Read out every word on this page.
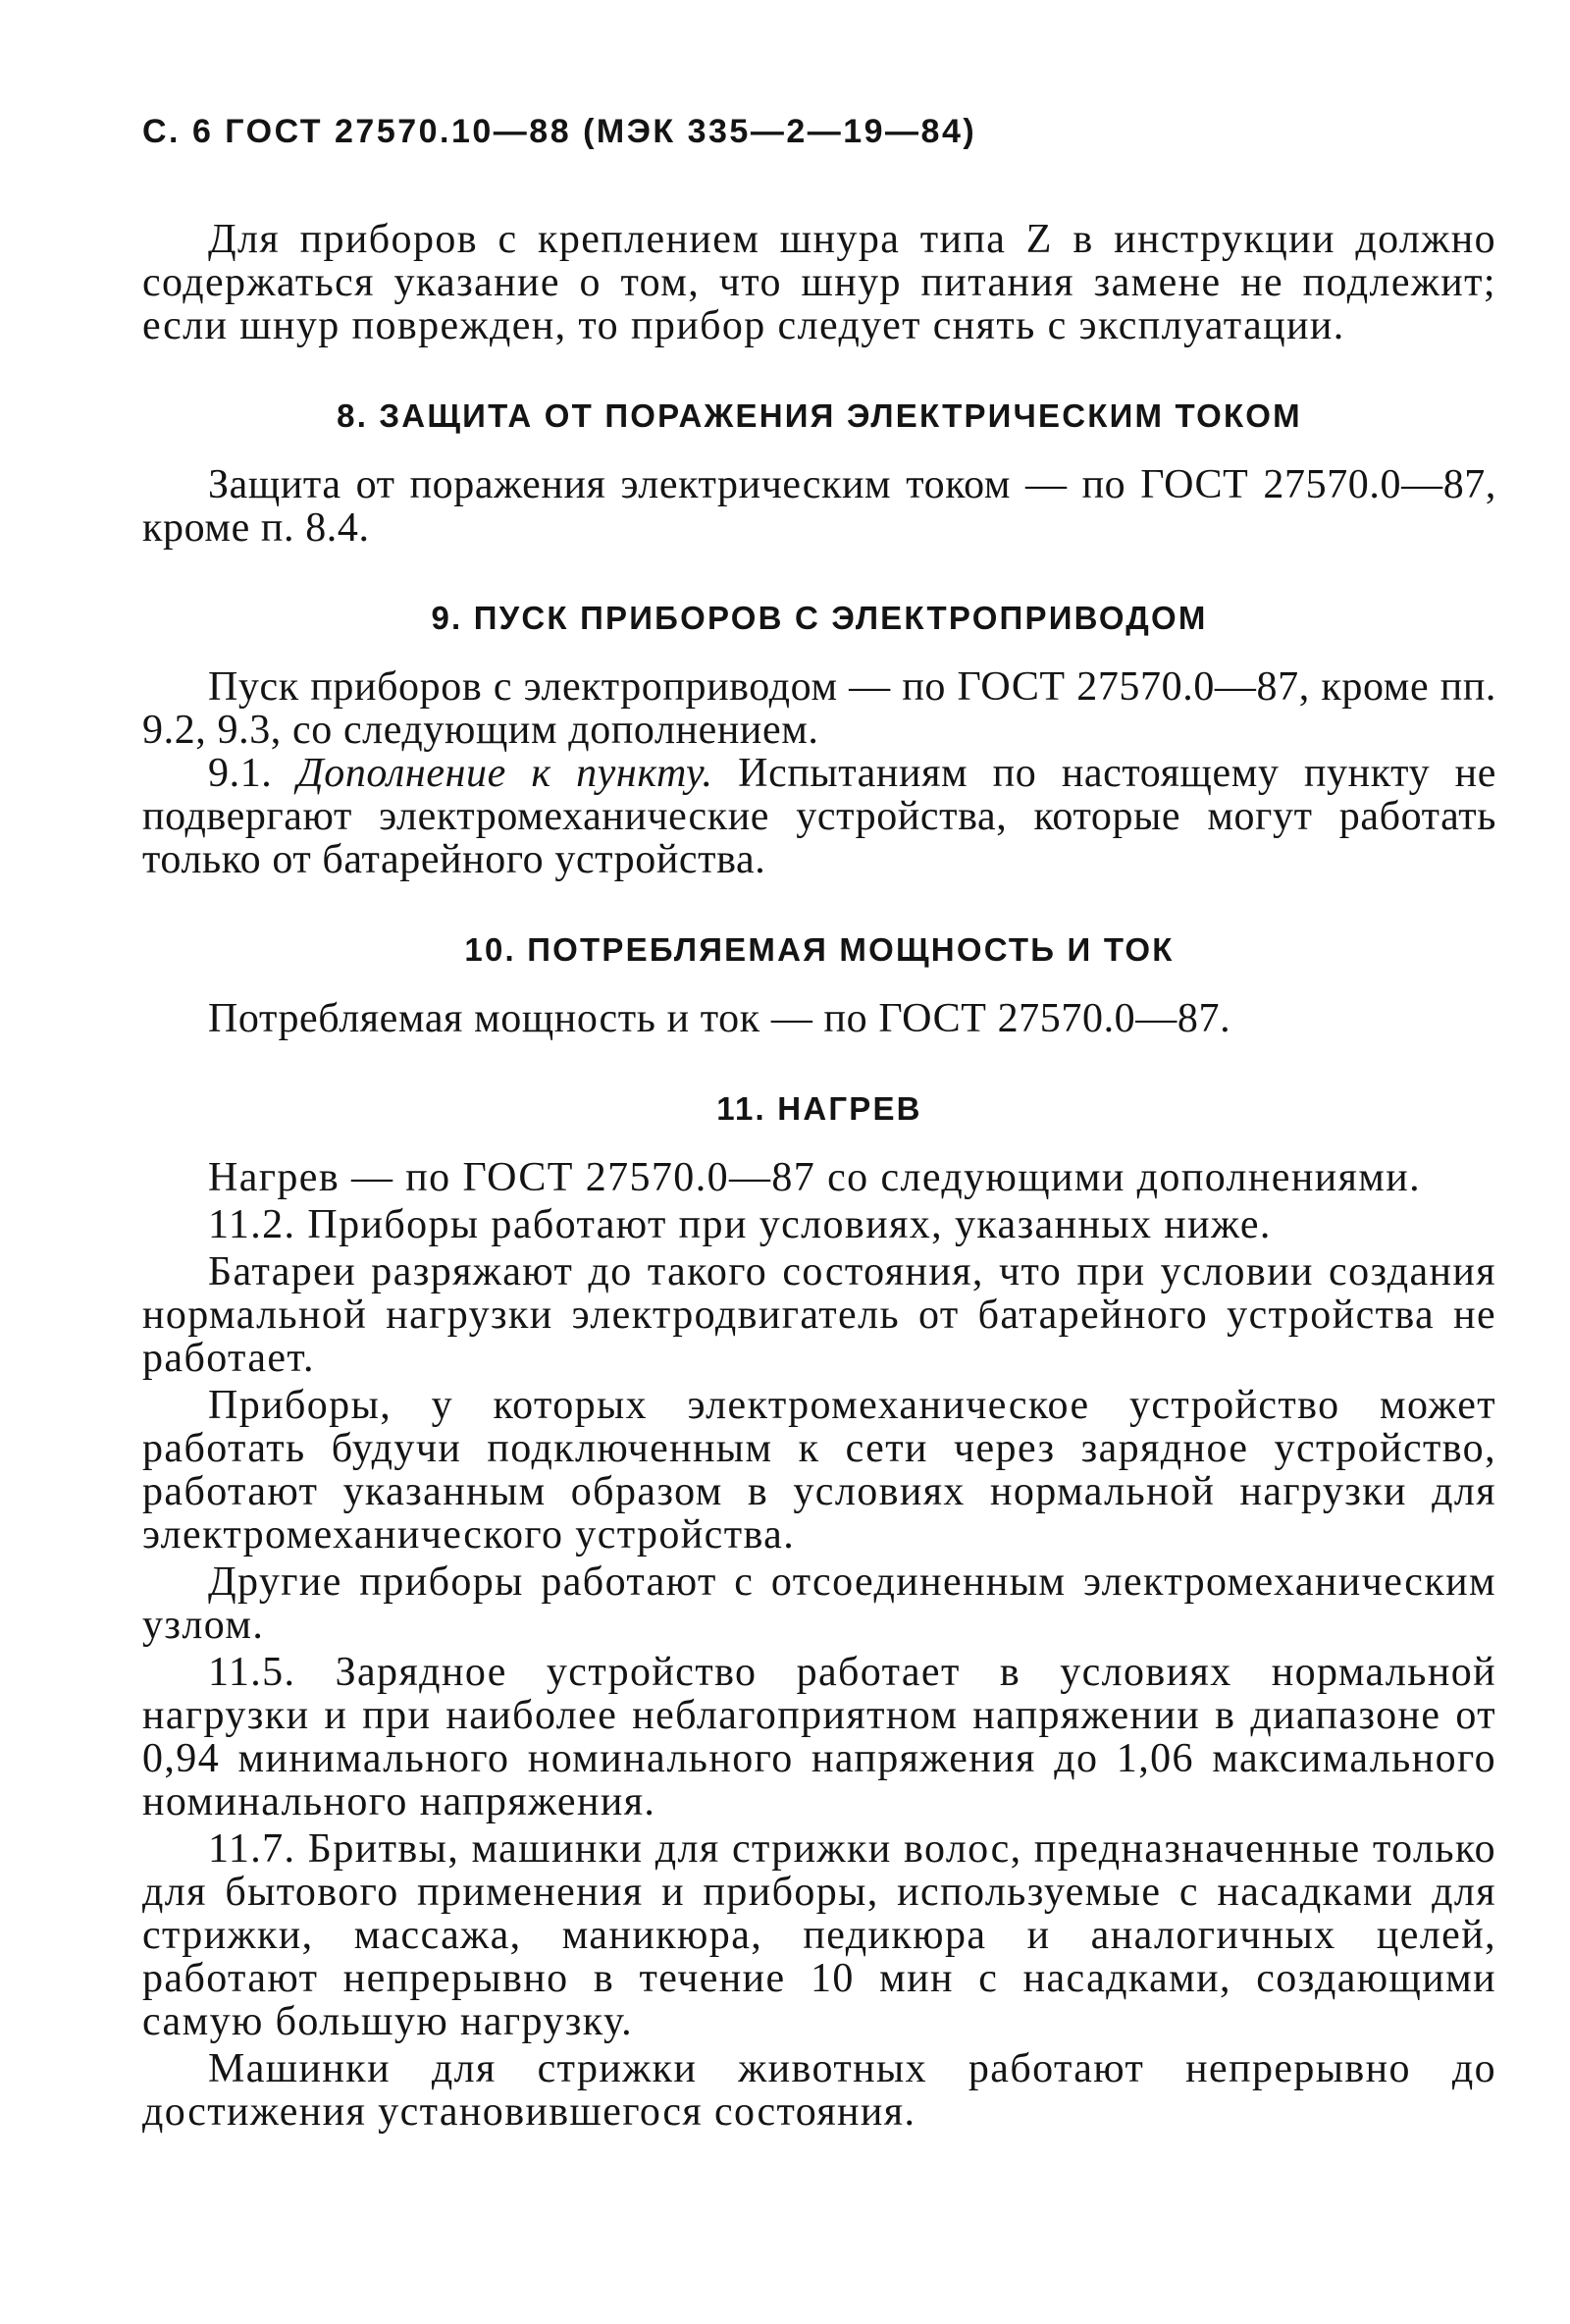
С. 6 ГОСТ 27570.10—88 (МЭК 335—2—19—84)

Для приборов с креплением шнура типа Z в инструкции должно содержаться указание о том, что шнур питания замене не подлежит; если шнур поврежден, то прибор следует снять с эксплуатации.

8. ЗАЩИТА ОТ ПОРАЖЕНИЯ ЭЛЕКТРИЧЕСКИМ ТОКОМ

Защита от поражения электрическим током — по ГОСТ 27570.0—87, кроме п. 8.4.

9. ПУСК ПРИБОРОВ С ЭЛЕКТРОПРИВОДОМ

Пуск приборов с электроприводом — по ГОСТ 27570.0—87, кроме пп. 9.2, 9.3, со следующим дополнением.

9.1. Дополнение к пункту. Испытаниям по настоящему пункту не подвергают электромеханические устройства, которые могут работать только от батарейного устройства.

10. ПОТРЕБЛЯЕМАЯ МОЩНОСТЬ И ТОК

Потребляемая мощность и ток — по ГОСТ 27570.0—87.

11. НАГРЕВ

Нагрев — по ГОСТ 27570.0—87 со следующими дополнениями.

11.2. Приборы работают при условиях, указанных ниже.

Батареи разряжают до такого состояния, что при условии создания нормальной нагрузки электродвигатель от батарейного устройства не работает.

Приборы, у которых электромеханическое устройство может работать будучи подключенным к сети через зарядное устройство, работают указанным образом в условиях нормальной нагрузки для электромеханического устройства.

Другие приборы работают с отсоединенным электромеханическим узлом.

11.5. Зарядное устройство работает в условиях нормальной нагрузки и при наиболее неблагоприятном напряжении в диапазоне от 0,94 минимального номинального напряжения до 1,06 максимального номинального напряжения.

11.7. Бритвы, машинки для стрижки волос, предназначенные только для бытового применения и приборы, используемые с насадками для стрижки, массажа, маникюра, педикюра и аналогичных целей, работают непрерывно в течение 10 мин с насадками, создающими самую большую нагрузку.

Машинки для стрижки животных работают непрерывно до достижения установившегося состояния.
